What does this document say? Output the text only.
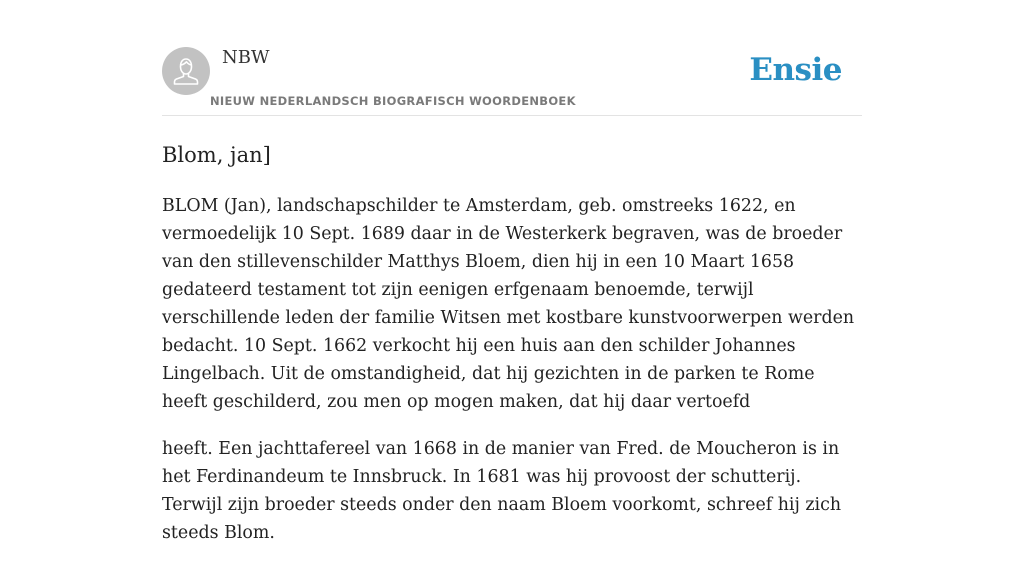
NBW
NIEUW NEDERLANDSCH BIOGRAFISCH WOORDENBOEK
Ensie
Blom, jan]

BLOM (Jan), landschapschilder te Amsterdam, geb. omstreeks 1622, en vermoedelijk 10 Sept. 1689 daar in de Westerkerk begraven, was de broeder van den stillevenschilder Matthys Bloem, dien hij in een 10 Maart 1658 gedateerd testament tot zijn eenigen erfgenaam benoemde, terwijl verschillende leden der familie Witsen met kostbare kunstvoorwerpen werden bedacht. 10 Sept. 1662 verkocht hij een huis aan den schilder Johannes Lingelbach. Uit de omstandigheid, dat hij gezichten in de parken te Rome heeft geschilderd, zou men op mogen maken, dat hij daar vertoefd

heeft. Een jachttafereel van 1668 in de manier van Fred. de Moucheron is in het Ferdinandeum te Innsbruck. In 1681 was hij provoost der schutterij. Terwijl zijn broeder steeds onder den naam Bloem voorkomt, schreef hij zich steeds Blom.
